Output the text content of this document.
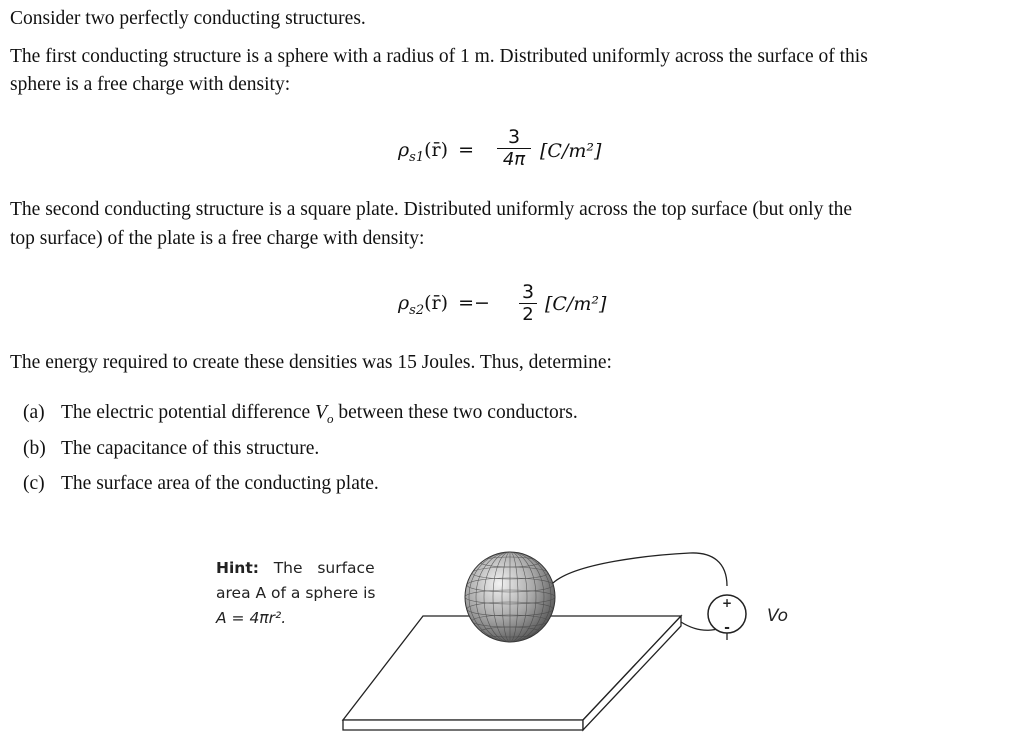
Consider two perfectly conducting structures.

The first conducting structure is a sphere with a radius of 1 m. Distributed uniformly across the surface of this

sphere is a free charge with density:

$\rho_{s1}(r̄)$ =
3
4π [C/m²]

The second conducting structure is a square plate. Distributed uniformly across the top surface (but only the

top surface) of the plate is a free charge with density:

$\rho_{s2}(r̄) =- 3$
2 [C/m²]

The energy required to create these densities was 15 Joules. Thus, determine:

(a) The electric potential difference $V_o$ between these two conductors.
(b) The capacitance of this structure.
(c) The surface area of the conducting plate.
Hint: The   surface
area A of a sphere is
A = 4πr².
+
-
Vo
